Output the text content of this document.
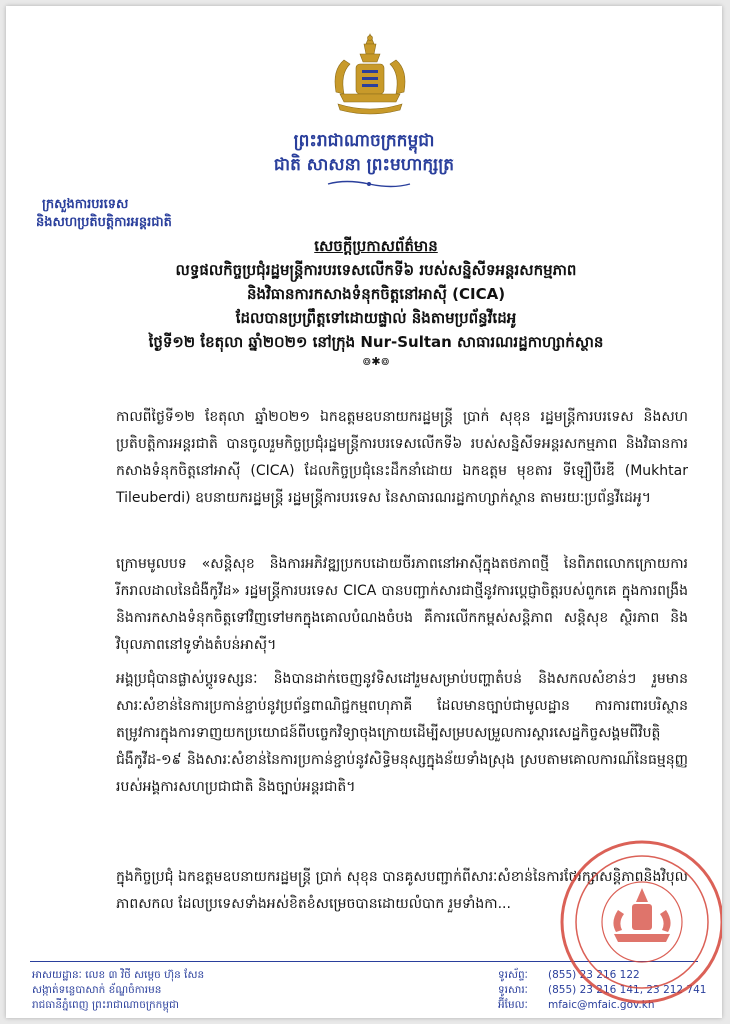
ព្រះរាជាណាចក្រកម្ពុជា
ជាតិ សាសនា ព្រះមហាក្សត្រ
ក្រសួងការបរទេស
និងសហប្រតិបត្តិការអន្តរជាតិ
សេចក្ដីប្រកាសព័ត៌មាន
លទ្ធផលកិច្ចប្រជុំរដ្ឋមន្ត្រីការបរទេសលើកទី៦ របស់សន្និសីទអន្តរសកម្មភាព
និងវិធានការកសាងទំនុកចិត្តនៅអាស៊ី (CICA)
ដែលបានប្រព្រឹត្តទៅដោយផ្ទាល់ និងតាមប្រព័ន្ធវីដេអូ
ថ្ងៃទី១២ ខែតុលា ឆ្នាំ២០២១ នៅក្រុង Nur-Sultan សាធារណរដ្ឋកាហ្សាក់ស្ថាន
៙✱៙
កាលពីថ្ងៃទី១២ ខែតុលា ឆ្នាំ២០២១ ឯកឧត្តមឧបនាយករដ្ឋមន្ត្រី ប្រាក់ សុខុន រដ្ឋមន្ត្រីការបរទេស និងសហប្រតិបត្តិការអន្តរជាតិ បានចូលរួមកិច្ចប្រជុំរដ្ឋមន្ត្រីការបរទេសលើកទី៦ របស់សន្និសីទអន្តរសកម្មភាព និងវិធានការកសាងទំនុកចិត្តនៅអាស៊ី (CICA) ដែលកិច្ចប្រជុំនេះដឹកនាំដោយ ឯកឧត្តម មុខតារ ទីឡឿបឺរឌី (Mukhtar Tileuberdi) ឧបនាយករដ្ឋមន្ត្រី រដ្ឋមន្ត្រីការបរទេស នៃសាធារណរដ្ឋកាហ្សាក់ស្ថាន តាមរយៈប្រព័ន្ធវីដេអូ។
ក្រោមមូលបទ «សន្តិសុខ និងការអភិវឌ្ឍប្រកបដោយចីរភាពនៅអាស៊ីក្នុងតថភាពថ្មី នៃពិភពលោកក្រោយការរីករាលដាលនៃជំងឺកូវីដ» រដ្ឋមន្ត្រីការបរទេស CICA បានបញ្ជាក់សារជាថ្មីនូវការប្ដេជ្ញាចិត្តរបស់ពួកគេ ក្នុងការពង្រឹងនិងការកសាងទំនុកចិត្តទៅវិញទៅមកក្នុងគោលបំណងចំបង គឺការលើកកម្ពស់សន្តិភាព សន្តិសុខ ស្ថិរភាព និងវិបុលភាពនៅទូទាំងតំបន់អាស៊ី។
អង្គប្រជុំបានផ្លាស់ប្ដូរទស្សនៈ និងបានដាក់ចេញនូវទិសដៅរួមសម្រាប់បញ្ហាតំបន់ និងសកលសំខាន់ៗ រួមមានសារៈសំខាន់នៃការប្រកាន់ខ្ជាប់នូវប្រព័ន្ធពាណិជ្ជកម្មពហុភាគី ដែលមានច្បាប់ជាមូលដ្ឋាន ការការពារបរិស្ថាន តម្រូវការក្នុងការទាញយកប្រយោជន៍ពីបច្ចេកវិទ្យាចុងក្រោយដើម្បីសម្របសម្រួលការស្ដារសេដ្ឋកិច្ចសង្គមពីវិបត្តិជំងឺកូវីដ-១៩ និងសារៈសំខាន់នៃការប្រកាន់ខ្ជាប់នូវសិទ្ធិមនុស្សក្នុងន័យទាំងស្រុង ស្របតាមគោលការណ៍នៃធម្មនុញ្ញរបស់អង្គការសហប្រជាជាតិ និងច្បាប់អន្តរជាតិ។
ក្នុងកិច្ចប្រជុំ ឯកឧត្តមឧបនាយករដ្ឋមន្ត្រី ប្រាក់ សុខុន បានគូសបញ្ជាក់ពីសារៈសំខាន់នៃការថែរក្សាសន្តិភាពនិងវិបុលភាពសកល ដែលប្រទេសទាំងអស់ខិតខំសម្រេចបានដោយលំបាក រួមទាំងកា...
អាសយដ្ឋានៈ លេខ ៣ វិថី សម្ដេច ហ៊ុន សែន
សង្កាត់ទន្លេបាសាក់ ខ័ណ្ឌចំការមន
រាជធានីភ្នំពេញ ព្រះរាជាណាចក្រកម្ពុជា
ទូរស័ព្ទៈ (855) 23 216 122
ទូរសារៈ (855) 23 216 141, 23 212 741
អ៊ីមែលៈ mfaic@mfaic.gov.kh
